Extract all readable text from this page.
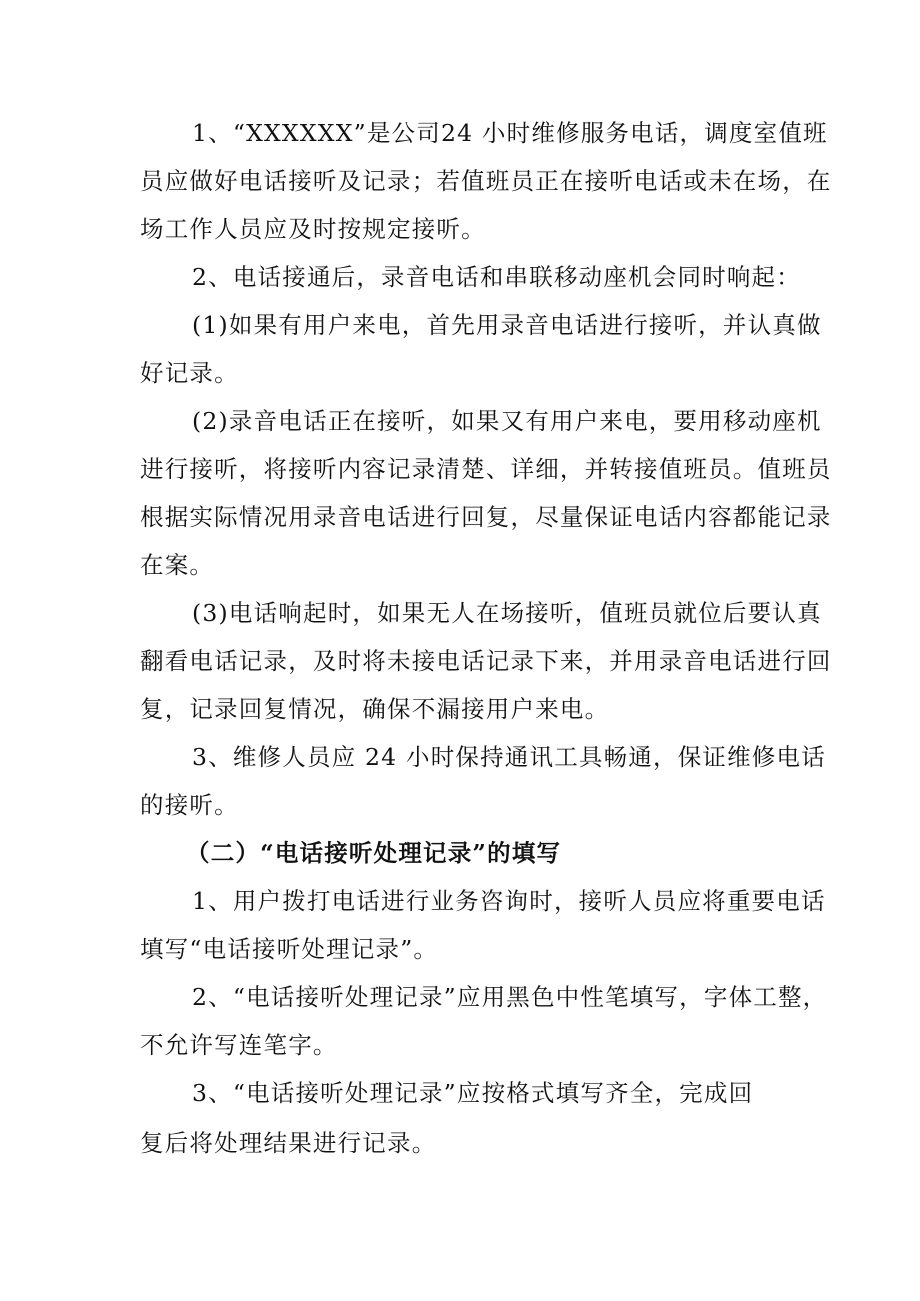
1、“XXXXXX”是公司24 小时维修服务电话，调度室值班
员应做好电话接听及记录；若值班员正在接听电话或未在场，在
场工作人员应及时按规定接听。
2、电话接通后，录音电话和串联移动座机会同时响起：
(1)如果有用户来电，首先用录音电话进行接听，并认真做
好记录。
(2)录音电话正在接听，如果又有用户来电，要用移动座机
进行接听，将接听内容记录清楚、详细，并转接值班员。值班员
根据实际情况用录音电话进行回复，尽量保证电话内容都能记录
在案。
(3)电话响起时，如果无人在场接听，值班员就位后要认真
翻看电话记录，及时将未接电话记录下来，并用录音电话进行回
复，记录回复情况，确保不漏接用户来电。
3、维修人员应 24 小时保持通讯工具畅通，保证维修电话
的接听。
（二）“电话接听处理记录”的填写
1、用户拨打电话进行业务咨询时，接听人员应将重要电话
填写“电话接听处理记录”。
2、“电话接听处理记录”应用黑色中性笔填写，字体工整，
不允许写连笔字。
3、“电话接听处理记录”应按格式填写齐全，完成回
复后将处理结果进行记录。
